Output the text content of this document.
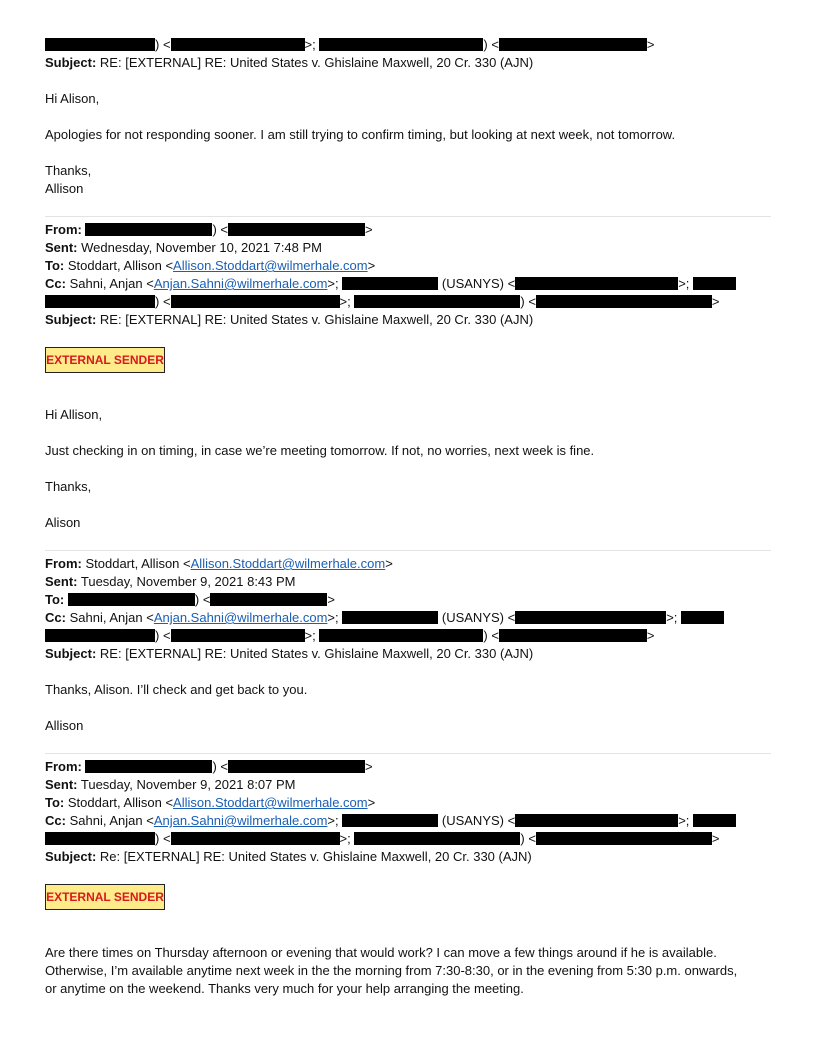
) <	>;	) <	>
Subject: RE: [EXTERNAL] RE: United States v. Ghislaine Maxwell, 20 Cr. 330 (AJN)
Hi Alison,
Apologies for not responding sooner. I am still trying to confirm timing, but looking at next week, not tomorrow.
Thanks,
Allison
From:	) <	>
Sent: Wednesday, November 10, 2021 7:48 PM
To: Stoddart, Allison <Allison.Stoddart@wilmerhale.com>
Cc: Sahni, Anjan <Anjan.Sahni@wilmerhale.com>;	(USANYS) <	>;
) <	>;	) <	>
Subject: RE: [EXTERNAL] RE: United States v. Ghislaine Maxwell, 20 Cr. 330 (AJN)
EXTERNAL SENDER
Hi Allison,
Just checking in on timing, in case we’re meeting tomorrow. If not, no worries, next week is fine.
Thanks,
Alison
From: Stoddart, Allison <Allison.Stoddart@wilmerhale.com>
Sent: Tuesday, November 9, 2021 8:43 PM
To:	) <	>
Cc: Sahni, Anjan <Anjan.Sahni@wilmerhale.com>;	(USANYS) <	>;
) <	>;	) <	>
Subject: RE: [EXTERNAL] RE: United States v. Ghislaine Maxwell, 20 Cr. 330 (AJN)
Thanks, Alison. I’ll check and get back to you.
Allison
From:	) <	>
Sent: Tuesday, November 9, 2021 8:07 PM
To: Stoddart, Allison <Allison.Stoddart@wilmerhale.com>
Cc: Sahni, Anjan <Anjan.Sahni@wilmerhale.com>;	(USANYS) <	>;
) <	>;	) <	>
Subject: Re: [EXTERNAL] RE: United States v. Ghislaine Maxwell, 20 Cr. 330 (AJN)
EXTERNAL SENDER
Are there times on Thursday afternoon or evening that would work? I can move a few things around if he is available.
Otherwise, I’m available anytime next week in the the morning from 7:30-8:30, or in the evening from 5:30 p.m. onwards,
or anytime on the weekend. Thanks very much for your help arranging the meeting.
